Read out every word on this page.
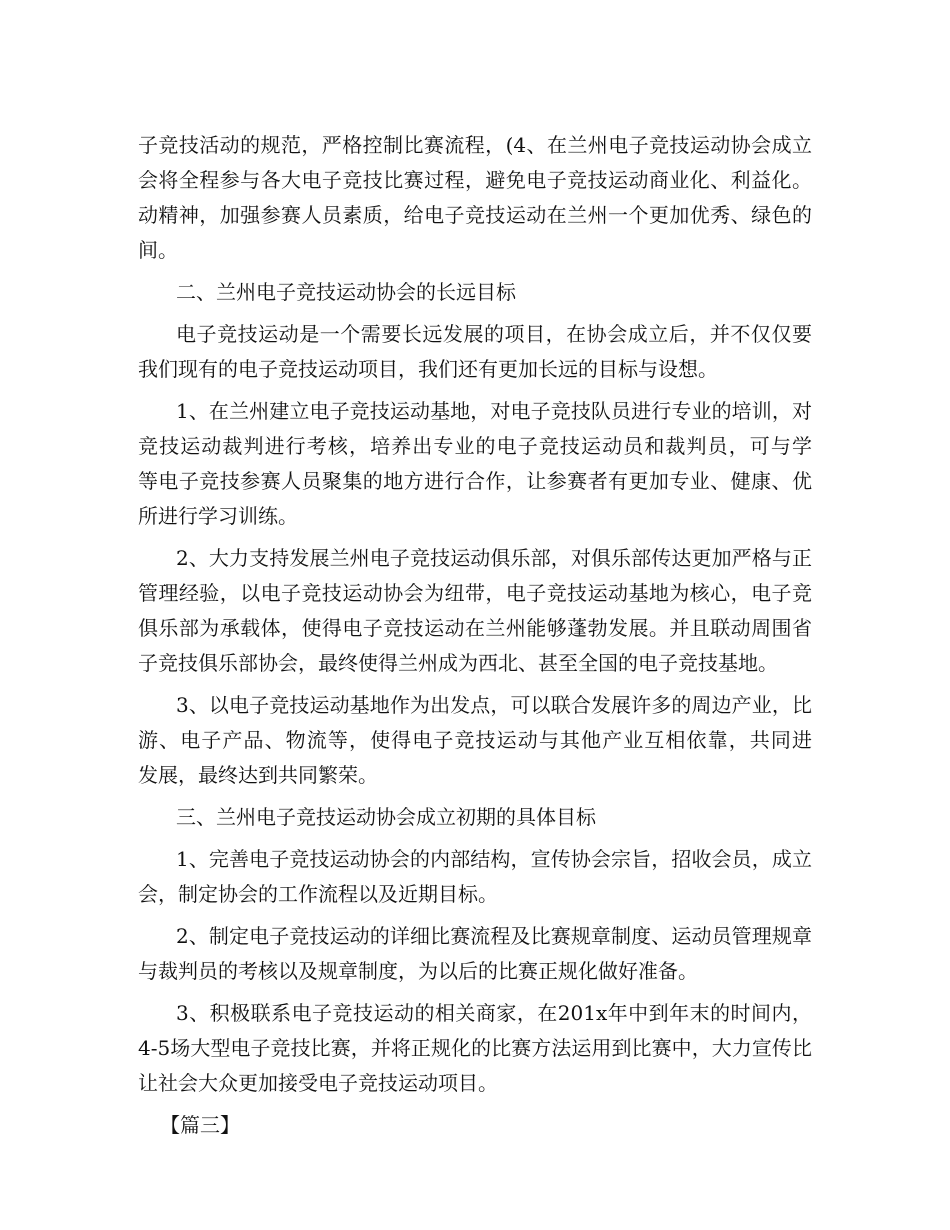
子竞技活动的规范，严格控制比赛流程，(4、在兰州电子竞技运动协会成立
会将全程参与各大电子竞技比赛过程，避免电子竞技运动商业化、利益化。
动精神，加强参赛人员素质，给电子竞技运动在兰州一个更加优秀、绿色的
间。
二、兰州电子竞技运动协会的长远目标
电子竞技运动是一个需要长远发展的项目，在协会成立后，并不仅仅要
我们现有的电子竞技运动项目，我们还有更加长远的目标与设想。
1、在兰州建立电子竞技运动基地，对电子竞技队员进行专业的培训，对
竞技运动裁判进行考核，培养出专业的电子竞技运动员和裁判员，可与学
等电子竞技参赛人员聚集的地方进行合作，让参赛者有更加专业、健康、优
所进行学习训练。
2、大力支持发展兰州电子竞技运动俱乐部，对俱乐部传达更加严格与正
管理经验，以电子竞技运动协会为纽带，电子竞技运动基地为核心，电子竞
俱乐部为承载体，使得电子竞技运动在兰州能够蓬勃发展。并且联动周围省
子竞技俱乐部协会，最终使得兰州成为西北、甚至全国的电子竞技基地。
3、以电子竞技运动基地作为出发点，可以联合发展许多的周边产业，比
游、电子产品、物流等，使得电子竞技运动与其他产业互相依靠，共同进
发展，最终达到共同繁荣。
三、兰州电子竞技运动协会成立初期的具体目标
1、完善电子竞技运动协会的内部结构，宣传协会宗旨，招收会员，成立
会，制定协会的工作流程以及近期目标。
2、制定电子竞技运动的详细比赛流程及比赛规章制度、运动员管理规章
与裁判员的考核以及规章制度，为以后的比赛正规化做好准备。
3、积极联系电子竞技运动的相关商家，在201x年中到年末的时间内，
4-5场大型电子竞技比赛，并将正规化的比赛方法运用到比赛中，大力宣传比
让社会大众更加接受电子竞技运动项目。
【篇三】
